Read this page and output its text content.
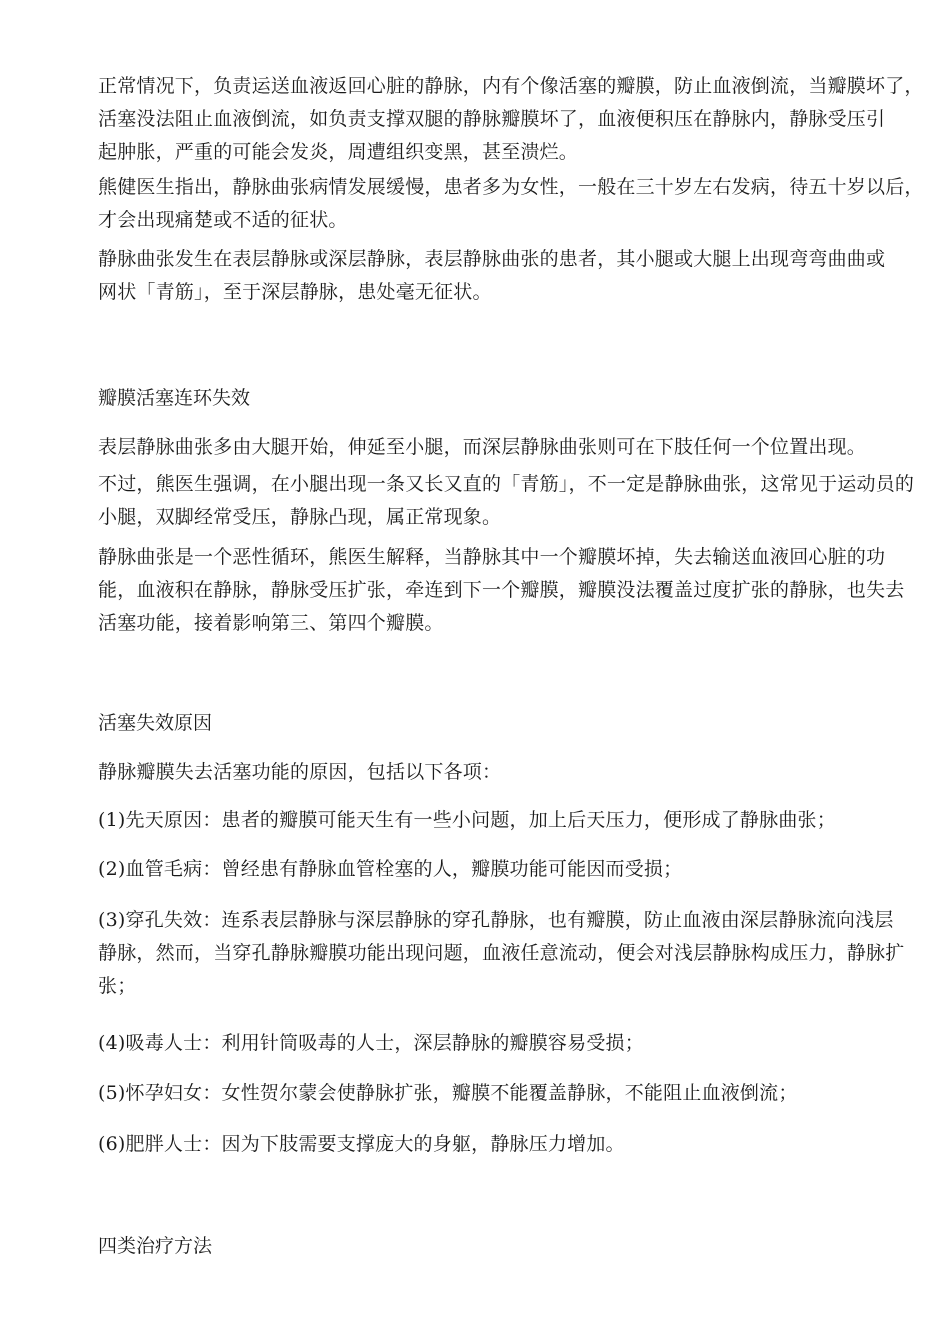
正常情况下，负责运送血液返回心脏的静脉，内有个像活塞的瓣膜，防止血液倒流，当瓣膜坏了，
活塞没法阻止血液倒流，如负责支撑双腿的静脉瓣膜坏了，血液便积压在静脉内，静脉受压引
起肿胀，严重的可能会发炎，周遭组织变黑，甚至溃烂。
熊健医生指出，静脉曲张病情发展缓慢，患者多为女性，一般在三十岁左右发病，待五十岁以后，
才会出现痛楚或不适的征状。
静脉曲张发生在表层静脉或深层静脉，表层静脉曲张的患者，其小腿或大腿上出现弯弯曲曲或
网状「青筋」，至于深层静脉，患处毫无征状。
瓣膜活塞连环失效
表层静脉曲张多由大腿开始，伸延至小腿，而深层静脉曲张则可在下肢任何一个位置出现。
不过，熊医生强调，在小腿出现一条又长又直的「青筋」，不一定是静脉曲张，这常见于运动员的
小腿，双脚经常受压，静脉凸现，属正常现象。
静脉曲张是一个恶性循环，熊医生解释，当静脉其中一个瓣膜坏掉，失去输送血液回心脏的功
能，血液积在静脉，静脉受压扩张，牵连到下一个瓣膜，瓣膜没法覆盖过度扩张的静脉，也失去
活塞功能，接着影响第三、第四个瓣膜。
活塞失效原因
静脉瓣膜失去活塞功能的原因，包括以下各项：
(1)先天原因：患者的瓣膜可能天生有一些小问题，加上后天压力，便形成了静脉曲张；
(2)血管毛病：曾经患有静脉血管栓塞的人，瓣膜功能可能因而受损；
(3)穿孔失效：连系表层静脉与深层静脉的穿孔静脉，也有瓣膜，防止血液由深层静脉流向浅层
静脉，然而，当穿孔静脉瓣膜功能出现问题，血液任意流动，便会对浅层静脉构成压力，静脉扩
张；
(4)吸毒人士：利用针筒吸毒的人士，深层静脉的瓣膜容易受损；
(5)怀孕妇女：女性贺尔蒙会使静脉扩张，瓣膜不能覆盖静脉，不能阻止血液倒流；
(6)肥胖人士：因为下肢需要支撑庞大的身躯，静脉压力增加。
四类治疗方法
